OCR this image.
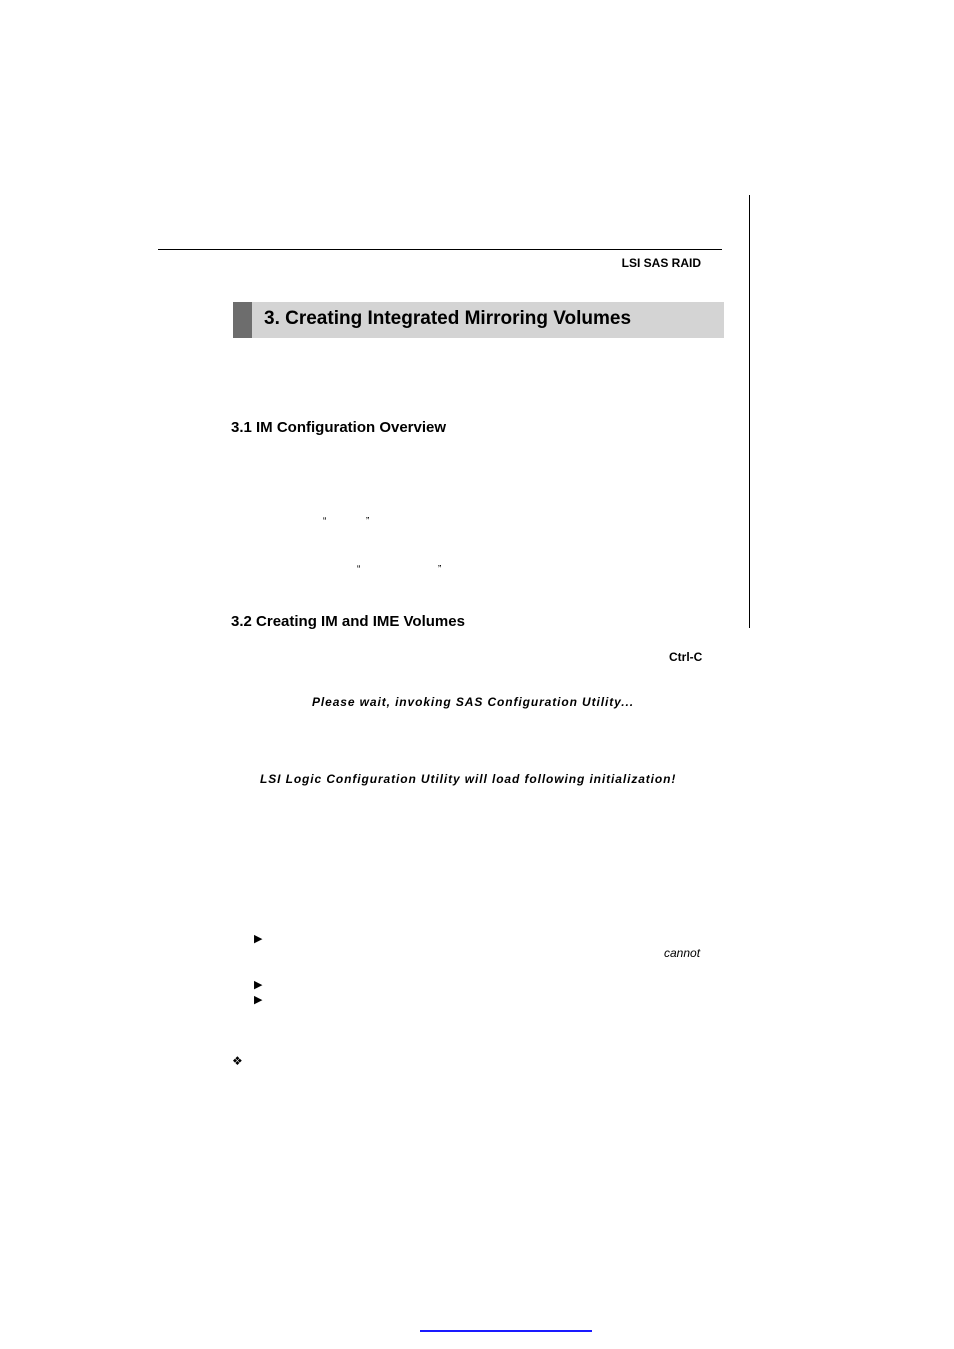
LSI SAS RAID
3. Creating Integrated Mirroring Volumes
3.1 IM Configuration Overview
“	”
“	”
3.2 Creating IM and IME Volumes
Ctrl-C
Please wait, invoking SAS Configuration Utility...
LSI Logic Configuration Utility will load following initialization!
▶
cannot
▶
▶
❖
